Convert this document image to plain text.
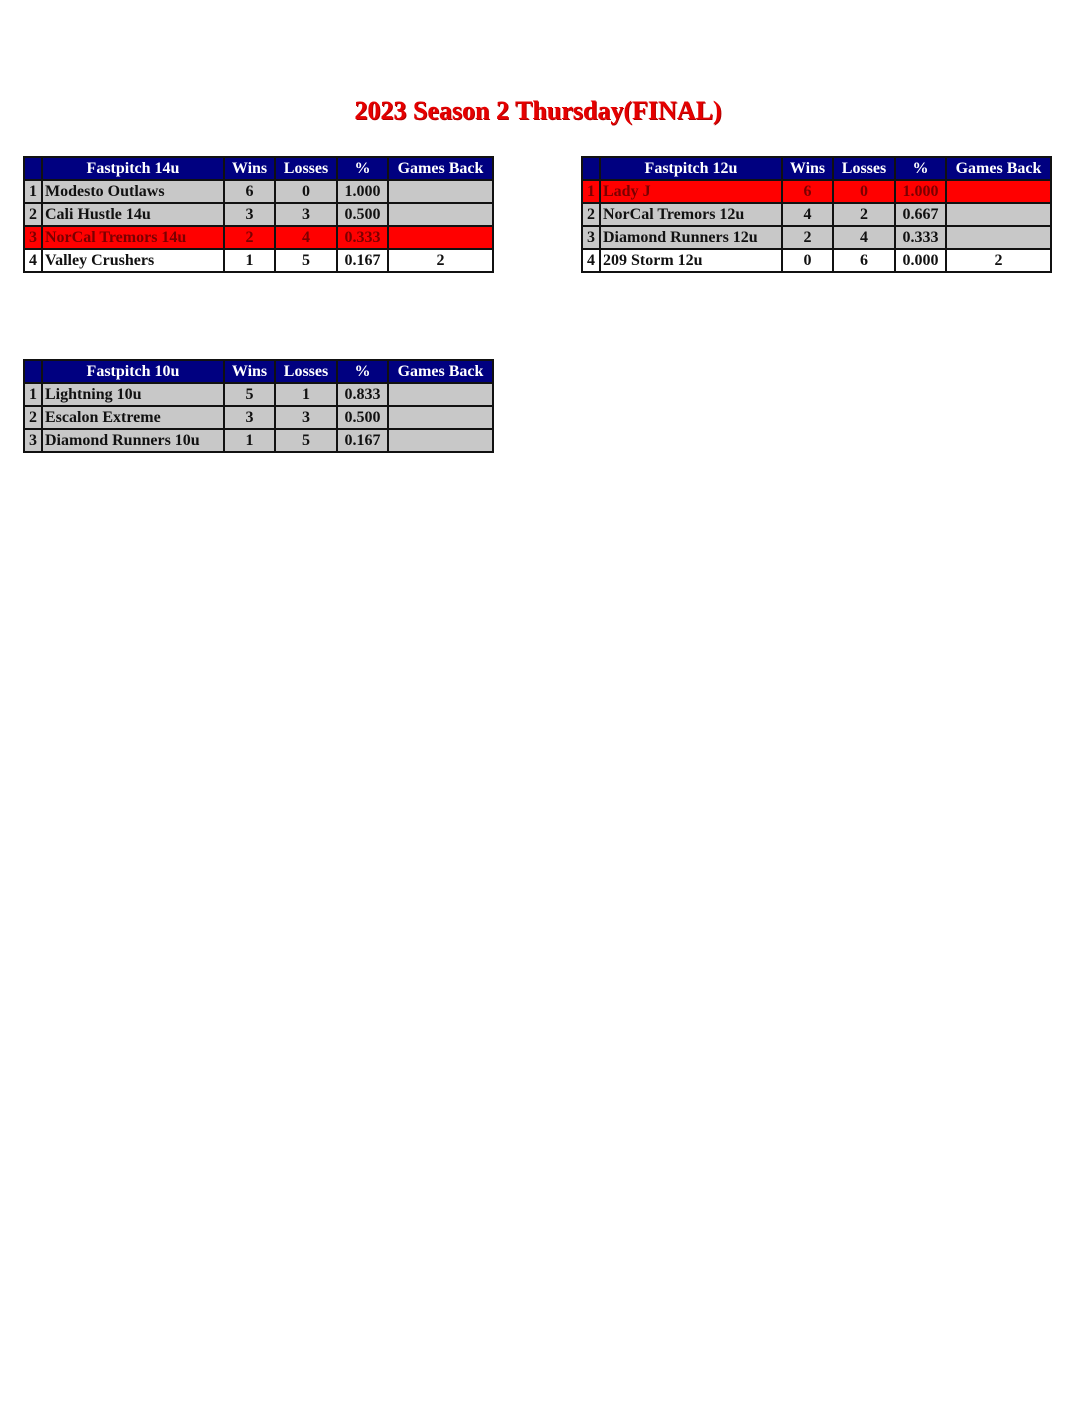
2023 Season 2 Thursday(FINAL)
	Fastpitch 14u	Wins	Losses	%	Games Back
1	Modesto Outlaws	6	0	1.000	
2	Cali Hustle 14u	3	3	0.500	
3	NorCal Tremors 14u	2	4	0.333	
4	Valley Crushers	1	5	0.167	2
	Fastpitch 12u	Wins	Losses	%	Games Back
1	Lady J	6	0	1.000	
2	NorCal Tremors 12u	4	2	0.667	
3	Diamond Runners 12u	2	4	0.333	
4	209 Storm 12u	0	6	0.000	2
	Fastpitch 10u	Wins	Losses	%	Games Back
1	Lightning 10u	5	1	0.833	
2	Escalon Extreme	3	3	0.500	
3	Diamond Runners 10u	1	5	0.167	
